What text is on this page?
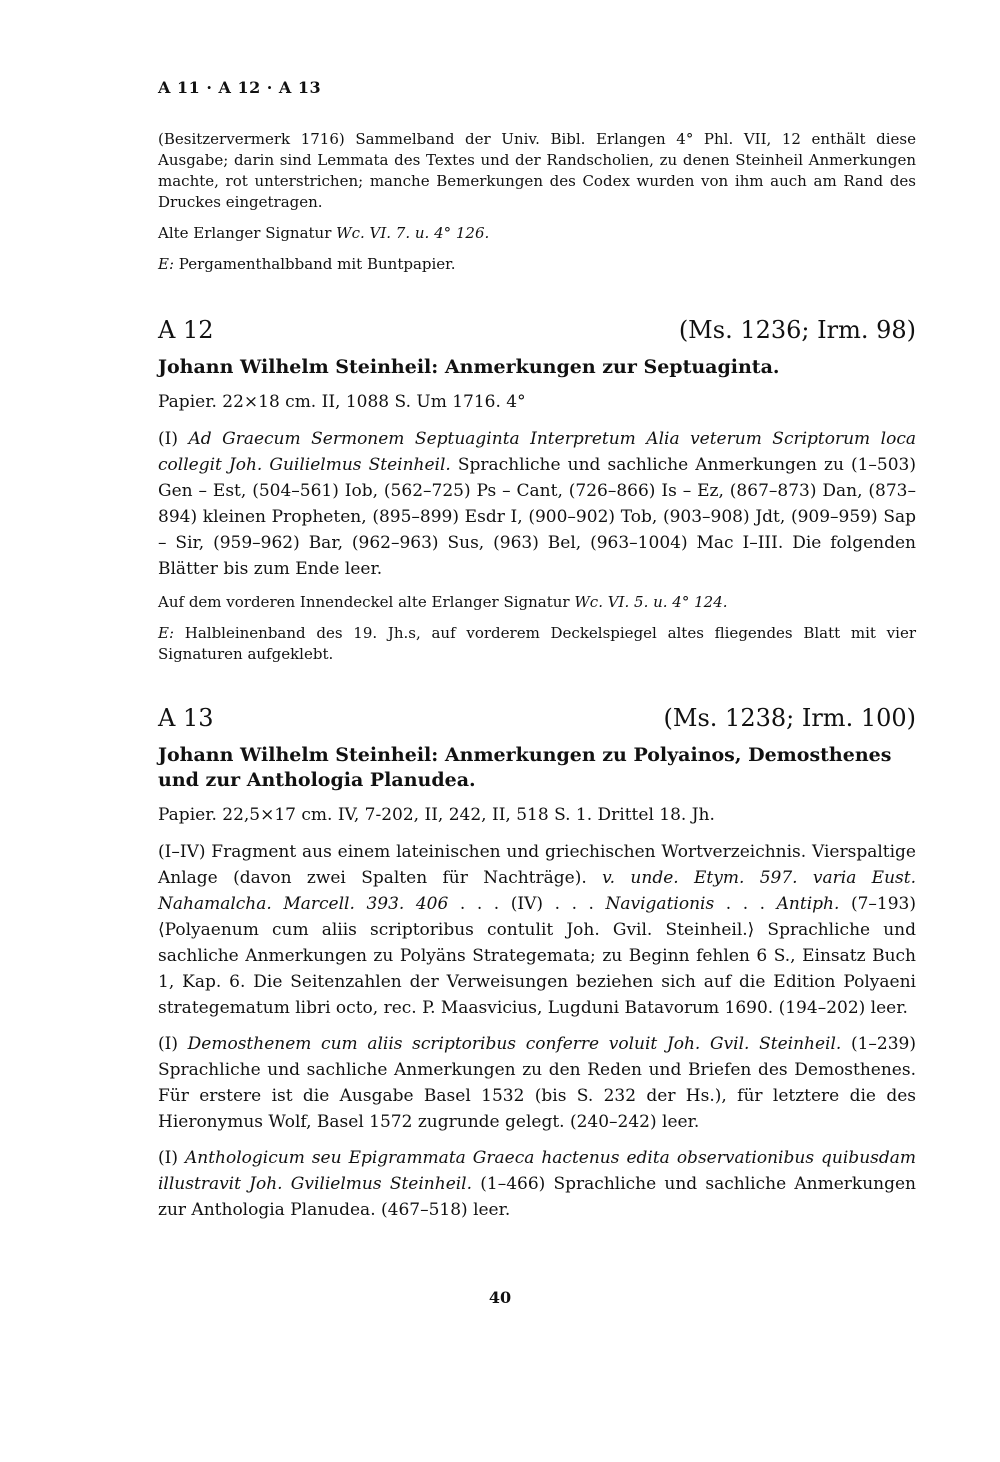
A 11 · A 12 · A 13

(Besitzervermerk 1716) Sammelband der Univ. Bibl. Erlangen 4° Phl. VII, 12 enthält diese Ausgabe; darin sind Lemmata des Textes und der Randscholien, zu denen Steinheil Anmerkungen machte, rot unterstrichen; manche Bemerkungen des Codex wurden von ihm auch am Rand des Druckes eingetragen.

Alte Erlanger Signatur Wc. VI. 7. u. 4° 126.

E: Pergamenthalbband mit Buntpapier.

A 12	(Ms. 1236; Irm. 98)

Johann Wilhelm Steinheil: Anmerkungen zur Septuaginta.

Papier. 22×18 cm. II, 1088 S. Um 1716. 4°

(I) Ad Graecum Sermonem Septuaginta Interpretum Alia veterum Scriptorum loca collegit Joh. Guilielmus Steinheil. Sprachliche und sachliche Anmerkungen zu (1–503) Gen – Est, (504–561) Iob, (562–725) Ps – Cant, (726–866) Is – Ez, (867–873) Dan, (873–894) kleinen Propheten, (895–899) Esdr I, (900–902) Tob, (903–908) Jdt, (909–959) Sap – Sir, (959–962) Bar, (962–963) Sus, (963) Bel, (963–1004) Mac I–III. Die folgenden Blätter bis zum Ende leer.

Auf dem vorderen Innendeckel alte Erlanger Signatur Wc. VI. 5. u. 4° 124.

E: Halbleinenband des 19. Jh.s, auf vorderem Deckelspiegel altes fliegendes Blatt mit vier Signaturen aufgeklebt.

A 13	(Ms. 1238; Irm. 100)

Johann Wilhelm Steinheil: Anmerkungen zu Polyainos, Demosthenes und zur Anthologia Planudea.

Papier. 22,5×17 cm. IV, 7-202, II, 242, II, 518 S. 1. Drittel 18. Jh.

(I–IV) Fragment aus einem lateinischen und griechischen Wortverzeichnis. Vierspaltige Anlage (davon zwei Spalten für Nachträge). v. unde. Etym. 597. varia Eust. Nahamalcha. Marcell. 393. 406 . . . (IV) . . . Navigationis . . . Antiph. (7–193) ⟨Polyaenum cum aliis scriptoribus contulit Joh. Gvil. Steinheil.⟩ Sprachliche und sachliche Anmerkungen zu Polyäns Strategemata; zu Beginn fehlen 6 S., Einsatz Buch 1, Kap. 6. Die Seitenzahlen der Verweisungen beziehen sich auf die Edition Polyaeni strategematum libri octo, rec. P. Maasvicius, Lugduni Batavorum 1690. (194–202) leer.

(I) Demosthenem cum aliis scriptoribus conferre voluit Joh. Gvil. Steinheil. (1–239) Sprachliche und sachliche Anmerkungen zu den Reden und Briefen des Demosthenes. Für erstere ist die Ausgabe Basel 1532 (bis S. 232 der Hs.), für letztere die des Hieronymus Wolf, Basel 1572 zugrunde gelegt. (240–242) leer.

(I) Anthologicum seu Epigrammata Graeca hactenus edita observationibus quibusdam illustravit Joh. Gvilielmus Steinheil. (1–466) Sprachliche und sachliche Anmerkungen zur Anthologia Planudea. (467–518) leer.

40
